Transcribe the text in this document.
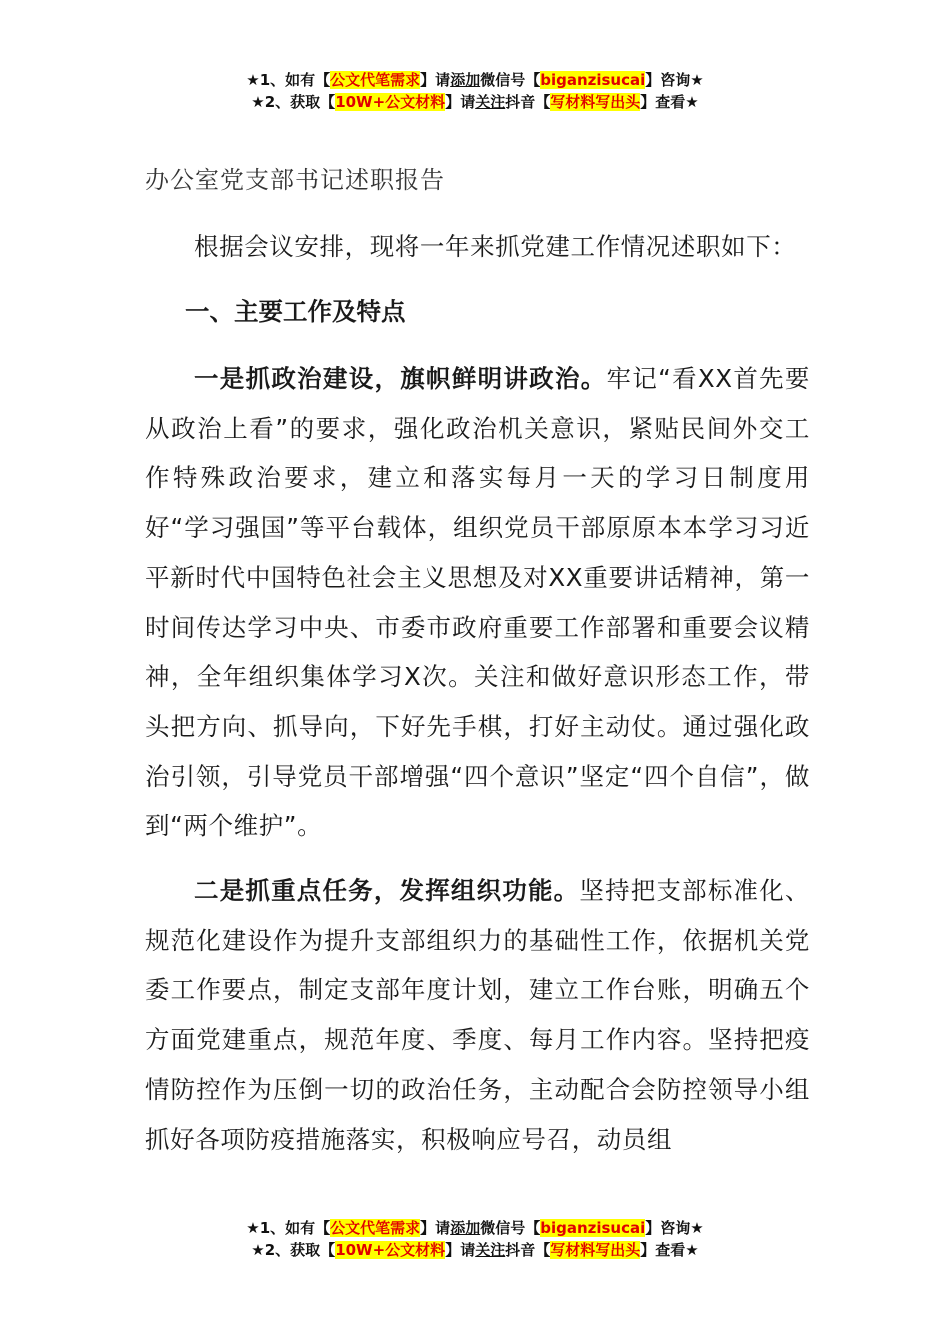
★1、如有【公文代笔需求】请添加微信号【biganzisucai】咨询★
★2、获取【10W+公文材料】请关注抖音【写材料写出头】查看★
办公室党支部书记述职报告
根据会议安排，现将一年来抓党建工作情况述职如下：
一、主要工作及特点
一是抓政治建设，旗帜鲜明讲政治。牢记“看XX首先要从政治上看”的要求，强化政治机关意识，紧贴民间外交工作特殊政治要求，建立和落实每月一天的学习日制度用好“学习强国”等平台载体，组织党员干部原原本本学习习近平新时代中国特色社会主义思想及对XX重要讲话精神，第一时间传达学习中央、市委市政府重要工作部署和重要会议精神，全年组织集体学习X次。关注和做好意识形态工作，带头把方向、抓导向，下好先手棋，打好主动仗。通过强化政治引领，引导党员干部增强“四个意识”坚定“四个自信”，做到“两个维护”。
二是抓重点任务，发挥组织功能。坚持把支部标准化、规范化建设作为提升支部组织力的基础性工作，依据机关党委工作要点，制定支部年度计划，建立工作台账，明确五个方面党建重点，规范年度、季度、每月工作内容。坚持把疫情防控作为压倒一切的政治任务，主动配合会防控领导小组抓好各项防疫措施落实，积极响应号召，动员组
★1、如有【公文代笔需求】请添加微信号【biganzisucai】咨询★
★2、获取【10W+公文材料】请关注抖音【写材料写出头】查看★
